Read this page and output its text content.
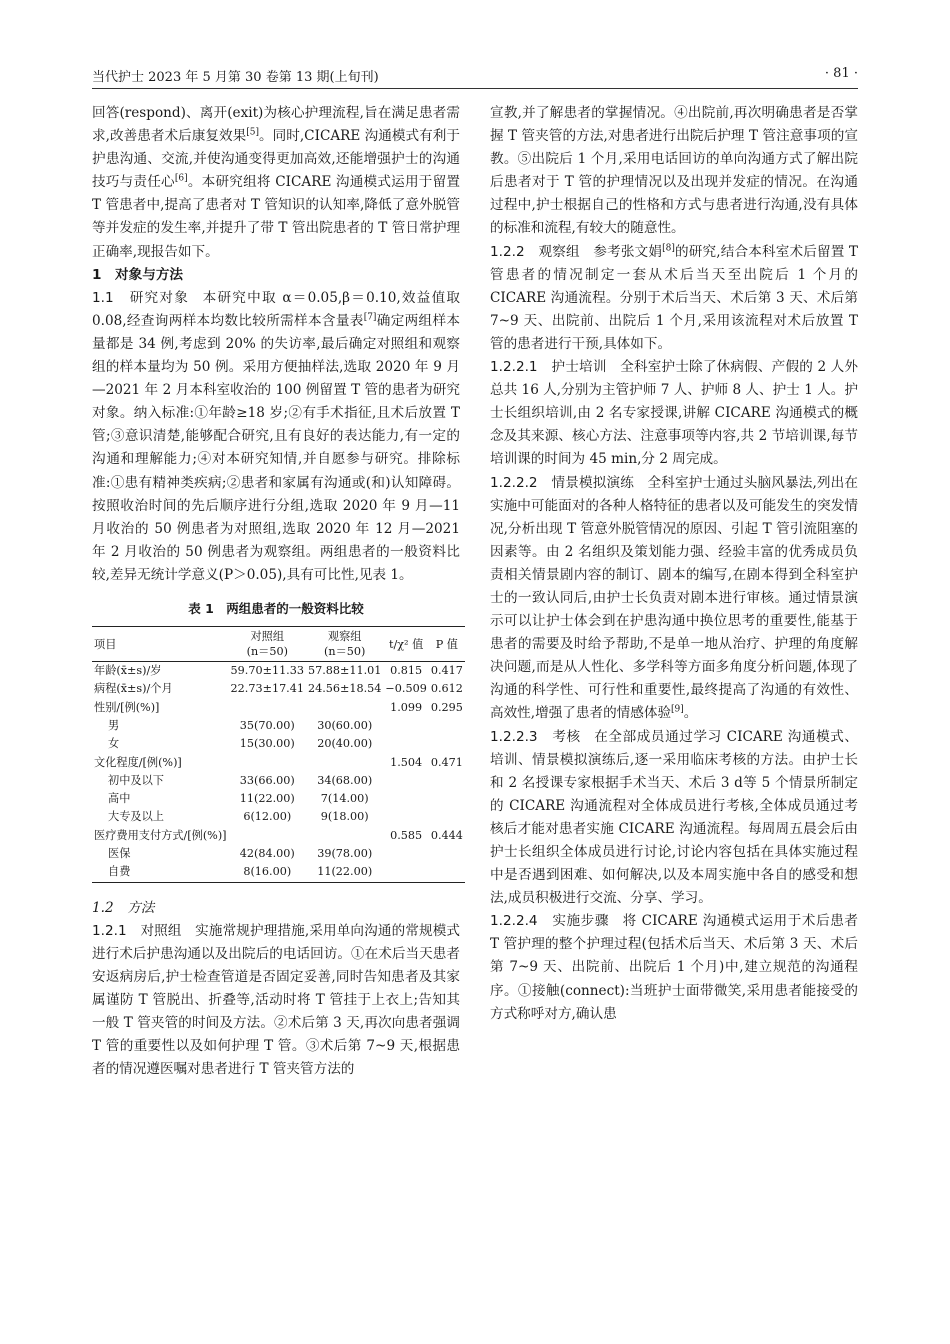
当代护士 2023 年 5 月第 30 卷第 13 期(上旬刊)	· 81 ·

回答(respond)、离开(exit)为核心护理流程,旨在满足患者需求,改善患者术后康复效果[5]。同时,CICARE 沟通模式有利于护患沟通、交流,并使沟通变得更加高效,还能增强护士的沟通技巧与责任心[6]。本研究组将 CICARE 沟通模式运用于留置 T 管患者中,提高了患者对 T 管知识的认知率,降低了意外脱管等并发症的发生率,并提升了带 T 管出院患者的 T 管日常护理正确率,现报告如下。

1　对象与方法

1.1　 研究对象 本研究中取 α＝0.05,β＝0.10,效益值取 0.08,经查询两样本均数比较所需样本含量表[7]确定两组样本量都是 34 例,考虑到 20% 的失访率,最后确定对照组和观察组的样本量均为 50 例。采用方便抽样法,选取 2020 年 9 月—2021 年 2 月本科室收治的 100 例留置 T 管的患者为研究对象。纳入标准:①年龄≥18 岁;②有手术指征,且术后放置 T 管;③意识清楚,能够配合研究,且有良好的表达能力,有一定的沟通和理解能力;④对本研究知情,并自愿参与研究。排除标准:①患有精神类疾病;②患者和家属有沟通或(和)认知障碍。按照收治时间的先后顺序进行分组,选取 2020 年 9 月—11 月收治的 50 例患者为对照组,选取 2020 年 12 月—2021 年 2 月收治的 50 例患者为观察组。两组患者的一般资料比较,差异无统计学意义(P＞0.05),具有可比性,见表 1。

表 1　两组患者的一般资料比较
项目	对照组
(n＝50)	观察组
(n＝50)	t/χ² 值	P 值
年龄(x̄±s)/岁	59.70±11.33	57.88±11.01	0.815	0.417
病程(x̄±s)/个月	22.73±17.41	24.56±18.54	−0.509	0.612
性别/[例(%)]			1.099	0.295
男	35(70.00)	30(60.00)		
女	15(30.00)	20(40.00)		
文化程度/[例(%)]			1.504	0.471
初中及以下	33(66.00)	34(68.00)		
高中	11(22.00)	7(14.00)		
大专及以上	6(12.00)	9(18.00)		
医疗费用支付方式/[例(%)]			0.585	0.444
医保	42(84.00)	39(78.00)		
自费	8(16.00)	11(22.00)		

1.2　方法

1.2.1　 对照组 实施常规护理措施,采用单向沟通的常规模式进行术后护患沟通以及出院后的电话回访。①在术后当天患者安返病房后,护士检查管道是否固定妥善,同时告知患者及其家属谨防 T 管脱出、折叠等,活动时将 T 管挂于上衣上;告知其一般 T 管夹管的时间及方法。②术后第 3 天,再次向患者强调 T 管的重要性以及如何护理 T 管。③术后第 7~9 天,根据患者的情况遵医嘱对患者进行 T 管夹管方法的

宣教,并了解患者的掌握情况。④出院前,再次明确患者是否掌握 T 管夹管的方法,对患者进行出院后护理 T 管注意事项的宣教。⑤出院后 1 个月,采用电话回访的单向沟通方式了解出院后患者对于 T 管的护理情况以及出现并发症的情况。在沟通过程中,护士根据自己的性格和方式与患者进行沟通,没有具体的标准和流程,有较大的随意性。

1.2.2　 观察组 参考张文娟[8]的研究,结合本科室术后留置 T 管患者的情况制定一套从术后当天至出院后 1 个月的 CICARE 沟通流程。分别于术后当天、术后第 3 天、术后第 7~9 天、出院前、出院后 1 个月,采用该流程对术后放置 T 管的患者进行干预,具体如下。

1.2.2.1　 护士培训 全科室护士除了休病假、产假的 2 人外总共 16 人,分别为主管护师 7 人、护师 8 人、护士 1 人。护士长组织培训,由 2 名专家授课,讲解 CICARE 沟通模式的概念及其来源、核心方法、注意事项等内容,共 2 节培训课,每节培训课的时间为 45 min,分 2 周完成。

1.2.2.2　 情景模拟演练 全科室护士通过头脑风暴法,列出在实施中可能面对的各种人格特征的患者以及可能发生的突发情况,分析出现 T 管意外脱管情况的原因、引起 T 管引流阻塞的因素等。由 2 名组织及策划能力强、经验丰富的优秀成员负责相关情景剧内容的制订、剧本的编写,在剧本得到全科室护士的一致认同后,由护士长负责对剧本进行审核。通过情景演示可以让护士体会到在护患沟通中换位思考的重要性,能基于患者的需要及时给予帮助,不是单一地从治疗、护理的角度解决问题,而是从人性化、多学科等方面多角度分析问题,体现了沟通的科学性、可行性和重要性,最终提高了沟通的有效性、高效性,增强了患者的情感体验[9]。

1.2.2.3　 考核 在全部成员通过学习 CICARE 沟通模式、培训、情景模拟演练后,逐一采用临床考核的方法。由护士长和 2 名授课专家根据手术当天、术后 3 d等 5 个情景所制定的 CICARE 沟通流程对全体成员进行考核,全体成员通过考核后才能对患者实施 CICARE 沟通流程。每周周五晨会后由护士长组织全体成员进行讨论,讨论内容包括在具体实施过程中是否遇到困难、如何解决,以及本周实施中各自的感受和想法,成员积极进行交流、分享、学习。

1.2.2.4　 实施步骤 将 CICARE 沟通模式运用于术后患者 T 管护理的整个护理过程(包括术后当天、术后第 3 天、术后第 7~9 天、出院前、出院后 1 个月)中,建立规范的沟通程序。①接触(connect):当班护士面带微笑,采用患者能接受的方式称呼对方,确认患
